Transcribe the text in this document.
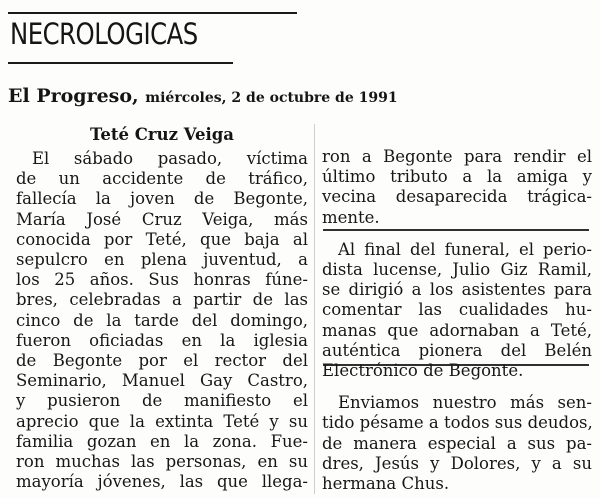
NECROLOGICAS
El Progreso, miércoles, 2 de octubre de 1991
Teté Cruz Veiga
El sábado pasado, víctima
de un accidente de tráfico,
fallecía la joven de Begonte,
María José Cruz Veiga, más
conocida por Teté, que baja al
sepulcro en plena juventud, a
los 25 años. Sus honras fúne-
bres, celebradas a partir de las
cinco de la tarde del domingo,
fueron oficiadas en la iglesia
de Begonte por el rector del
Seminario, Manuel Gay Castro,
y pusieron de manifiesto el
aprecio que la extinta Teté y su
familia gozan en la zona. Fue-
ron muchas las personas, en su
mayoría jóvenes, las que llega-
ron a Begonte para rendir el
último tributo a la amiga y
vecina desaparecida trágica-
mente.
Al final del funeral, el perio-
dista lucense, Julio Giz Ramil,
se dirigió a los asistentes para
comentar las cualidades hu-
manas que adornaban a Teté,
auténtica pionera del Belén
Electrónico de Begonte.
Enviamos nuestro más sen-
tido pésame a todos sus deudos,
de manera especial a sus pa-
dres, Jesús y Dolores, y a su
hermana Chus.
